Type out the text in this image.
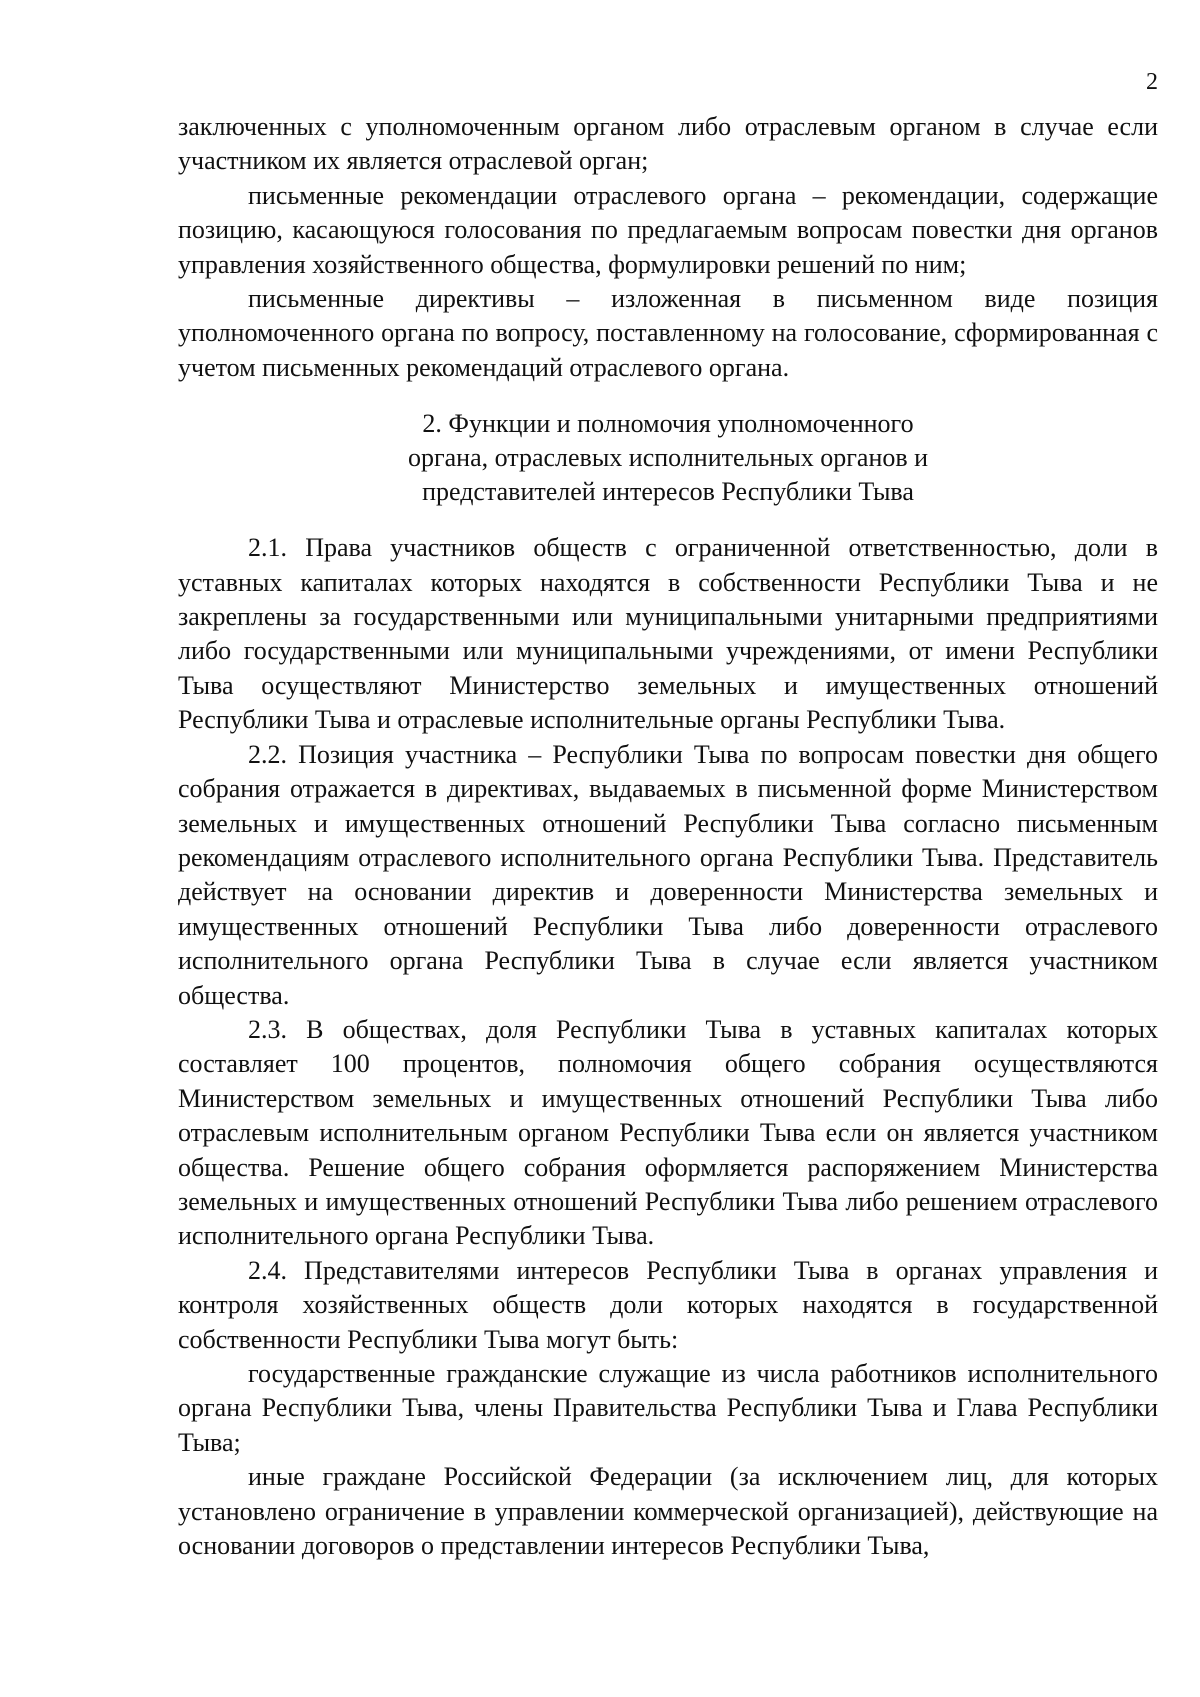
2

заключенных с уполномоченным органом либо отраслевым органом в случае если участником их является отраслевой орган;

письменные рекомендации отраслевого органа – рекомендации, содержащие позицию, касающуюся голосования по предлагаемым вопросам повестки дня органов управления хозяйственного общества, формулировки решений по ним;

письменные директивы – изложенная в письменном виде позиция уполномоченного органа по вопросу, поставленному на голосование, сформированная с учетом письменных рекомендаций отраслевого органа.

2. Функции и полномочия уполномоченного
органа, отраслевых исполнительных органов и
представителей интересов Республики Тыва

2.1. Права участников обществ с ограниченной ответственностью, доли в уставных капиталах которых находятся в собственности Республики Тыва и не закреплены за государственными или муниципальными унитарными предприятиями либо государственными или муниципальными учреждениями, от имени Республики Тыва осуществляют Министерство земельных и имущественных отношений Республики Тыва и отраслевые исполнительные органы Республики Тыва.

2.2. Позиция участника – Республики Тыва по вопросам повестки дня общего собрания отражается в директивах, выдаваемых в письменной форме Министерством земельных и имущественных отношений Республики Тыва согласно письменным рекомендациям отраслевого исполнительного органа Республики Тыва. Представитель действует на основании директив и доверенности Министерства земельных и имущественных отношений Республики Тыва либо доверенности отраслевого исполнительного органа Республики Тыва в случае если является участником общества.

2.3. В обществах, доля Республики Тыва в уставных капиталах которых составляет 100 процентов, полномочия общего собрания осуществляются Министерством земельных и имущественных отношений Республики Тыва либо отраслевым исполнительным органом Республики Тыва если он является участником общества. Решение общего собрания оформляется распоряжением Министерства земельных и имущественных отношений Республики Тыва либо решением отраслевого исполнительного органа Республики Тыва.

2.4. Представителями интересов Республики Тыва в органах управления и контроля хозяйственных обществ доли которых находятся в государственной собственности Республики Тыва могут быть:

государственные гражданские служащие из числа работников исполнительного органа Республики Тыва, члены Правительства Республики Тыва и Глава Республики Тыва;

иные граждане Российской Федерации (за исключением лиц, для которых установлено ограничение в управлении коммерческой организацией), действующие на основании договоров о представлении интересов Республики Тыва,
